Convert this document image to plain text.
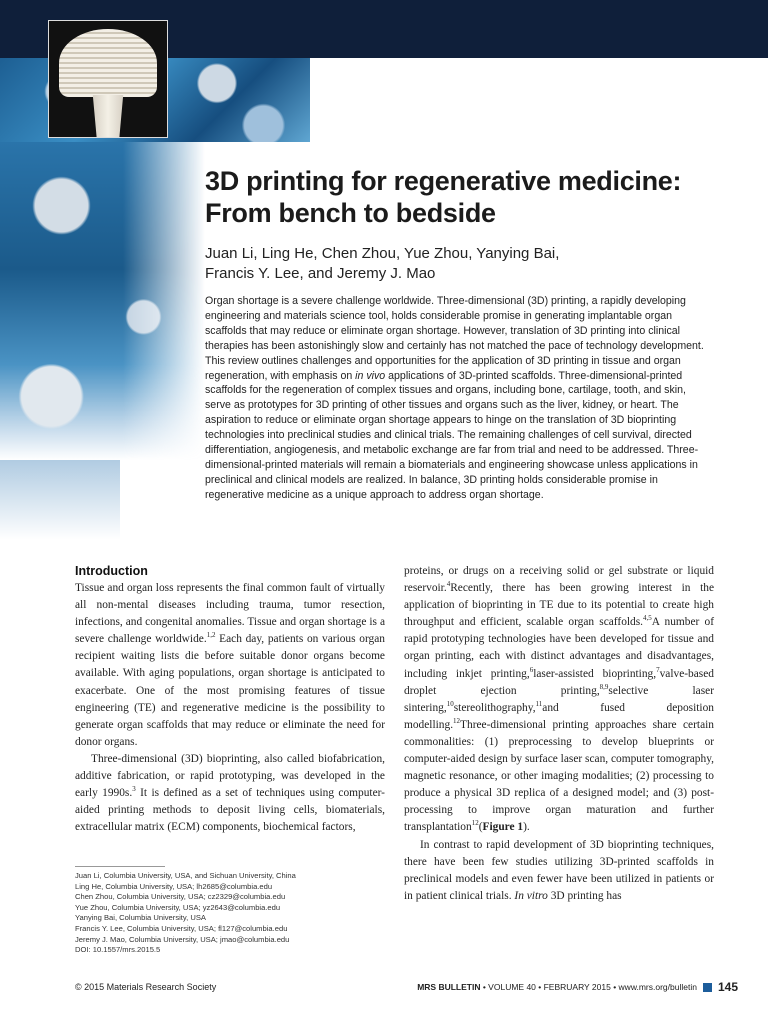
3D printing for regenerative medicine:
From bench to bedside

Juan Li, Ling He, Chen Zhou, Yue Zhou, Yanying Bai,
Francis Y. Lee, and Jeremy J. Mao

Organ shortage is a severe challenge worldwide. Three-dimensional (3D) printing, a rapidly developing engineering and materials science tool, holds considerable promise in generating implantable organ scaffolds that may reduce or eliminate organ shortage. However, translation of 3D printing into clinical therapies has been astonishingly slow and certainly has not matched the pace of technology development. This review outlines challenges and opportunities for the application of 3D printing in tissue and organ regeneration, with emphasis on in vivo applications of 3D-printed scaffolds. Three-dimensional-printed scaffolds for the regeneration of complex tissues and organs, including bone, cartilage, tooth, and skin, serve as prototypes for 3D printing of other tissues and organs such as the liver, kidney, or heart. The aspiration to reduce or eliminate organ shortage appears to hinge on the translation of 3D bioprinting technologies into preclinical studies and clinical trials. The remaining challenges of cell survival, directed differentiation, angiogenesis, and metabolic exchange are far from trial and need to be addressed. Three-dimensional-printed materials will remain a biomaterials and engineering showcase unless applications in preclinical and clinical models are realized. In balance, 3D printing holds considerable promise in regenerative medicine as a unique approach to address organ shortage.

Introduction

Tissue and organ loss represents the final common fault of virtually all non-mental diseases including trauma, tumor resection, infections, and congenital anomalies. Tissue and organ shortage is a severe challenge worldwide.$^{1,2}$ Each day, patients on various organ recipient waiting lists die before suitable donor organs become available. With aging populations, organ shortage is anticipated to exacerbate. One of the most promising features of tissue engineering (TE) and regenerative medicine is the possibility to generate organ scaffolds that may reduce or eliminate the need for donor organs.

Three-dimensional (3D) bioprinting, also called biofabrication, additive fabrication, or rapid prototyping, was developed in the early 1990s.$^3$ It is defined as a set of techniques using computer-aided printing methods to deposit living cells, biomaterials, extracellular matrix (ECM) components, biochemical factors,

proteins, or drugs on a receiving solid or gel substrate or liquid reservoir.$^4$Recently, there has been growing interest in the application of bioprinting in TE due to its potential to create high throughput and efficient, scalable organ scaffolds.$^{4,5}$A number of rapid prototyping technologies have been developed for tissue and organ printing, each with distinct advantages and disadvantages, including inkjet printing,$^6$laser-assisted bioprinting,$^7$valve-based droplet ejection printing,$^{8,9}$selective laser sintering,$^{10}$stereolithography,$^{11}$and fused deposition modelling.$^{12}$Three-dimensional printing approaches share certain commonalities: (1) preprocessing to develop blueprints or computer-aided design by surface laser scan, computer tomography, magnetic resonance, or other imaging modalities; (2) processing to produce a physical 3D replica of a designed model; and (3) post-processing to improve organ maturation and further transplantation$^{12}$(Figure 1).

In contrast to rapid development of 3D bioprinting techniques, there have been few studies utilizing 3D-printed scaffolds in preclinical models and even fewer have been utilized in patients or in patient clinical trials. In vitro 3D printing has

Juan Li, Columbia University, USA, and Sichuan University, China
Ling He, Columbia University, USA; lh2685@columbia.edu
Chen Zhou, Columbia University, USA; cz2329@columbia.edu
Yue Zhou, Columbia University, USA; yz2643@columbia.edu
Yanying Bai, Columbia University, USA
Francis Y. Lee, Columbia University, USA; fl127@columbia.edu
Jeremy J. Mao, Columbia University, USA; jmao@columbia.edu
DOI: 10.1557/mrs.2015.5
© 2015 Materials Research Society	MRS BULLETIN • VOLUME 40 • FEBRUARY 2015 • www.mrs.org/bulletin 145
